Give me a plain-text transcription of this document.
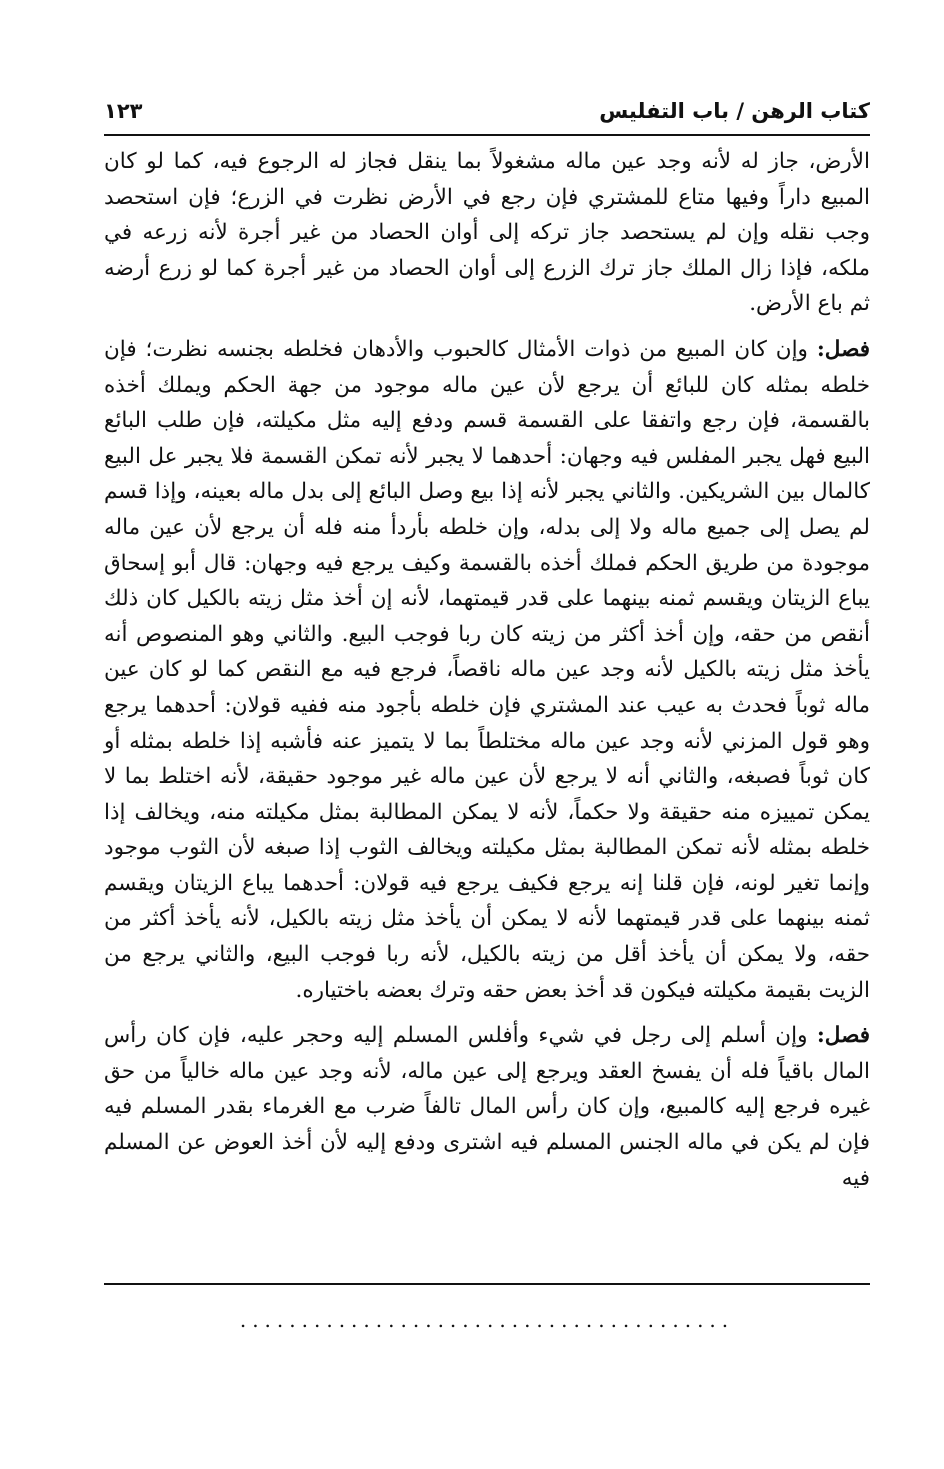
كتاب الرهن / باب التفليس
١٢٣

الأرض، جاز له لأنه وجد عين ماله مشغولاً بما ينقل فجاز له الرجوع فيه، كما لو كان المبيع داراً وفيها متاع للمشتري فإن رجع في الأرض نظرت في الزرع؛ فإن استحصد وجب نقله وإن لم يستحصد جاز تركه إلى أوان الحصاد من غير أجرة لأنه زرعه في ملكه، فإذا زال الملك جاز ترك الزرع إلى أوان الحصاد من غير أجرة كما لو زرع أرضه ثم باع الأرض.

فصل: وإن كان المبيع من ذوات الأمثال كالحبوب والأدهان فخلطه بجنسه نظرت؛ فإن خلطه بمثله كان للبائع أن يرجع لأن عين ماله موجود من جهة الحكم ويملك أخذه بالقسمة، فإن رجع واتفقا على القسمة قسم ودفع إليه مثل مكيلته، فإن طلب البائع البيع فهل يجبر المفلس فيه وجهان: أحدهما لا يجبر لأنه تمكن القسمة فلا يجبر عل البيع كالمال بين الشريكين. والثاني يجبر لأنه إذا بيع وصل البائع إلى بدل ماله بعينه، وإذا قسم لم يصل إلى جميع ماله ولا إلى بدله، وإن خلطه بأردأ منه فله أن يرجع لأن عين ماله موجودة من طريق الحكم فملك أخذه بالقسمة وكيف يرجع فيه وجهان: قال أبو إسحاق يباع الزيتان ويقسم ثمنه بينهما على قدر قيمتهما، لأنه إن أخذ مثل زيته بالكيل كان ذلك أنقص من حقه، وإن أخذ أكثر من زيته كان ربا فوجب البيع. والثاني وهو المنصوص أنه يأخذ مثل زيته بالكيل لأنه وجد عين ماله ناقصاً، فرجع فيه مع النقص كما لو كان عين ماله ثوباً فحدث به عيب عند المشتري فإن خلطه بأجود منه ففيه قولان: أحدهما يرجع وهو قول المزني لأنه وجد عين ماله مختلطاً بما لا يتميز عنه فأشبه إذا خلطه بمثله أو كان ثوباً فصبغه، والثاني أنه لا يرجع لأن عين ماله غير موجود حقيقة، لأنه اختلط بما لا يمكن تمييزه منه حقيقة ولا حكماً، لأنه لا يمكن المطالبة بمثل مكيلته منه، ويخالف إذا خلطه بمثله لأنه تمكن المطالبة بمثل مكيلته ويخالف الثوب إذا صبغه لأن الثوب موجود وإنما تغير لونه، فإن قلنا إنه يرجع فكيف يرجع فيه قولان: أحدهما يباع الزيتان ويقسم ثمنه بينهما على قدر قيمتهما لأنه لا يمكن أن يأخذ مثل زيته بالكيل، لأنه يأخذ أكثر من حقه، ولا يمكن أن يأخذ أقل من زيته بالكيل، لأنه ربا فوجب البيع، والثاني يرجع من الزيت بقيمة مكيلته فيكون قد أخذ بعض حقه وترك بعضه باختياره.

فصل: وإن أسلم إلى رجل في شيء وأفلس المسلم إليه وحجر عليه، فإن كان رأس المال باقياً فله أن يفسخ العقد ويرجع إلى عين ماله، لأنه وجد عين ماله خالياً من حق غيره فرجع إليه كالمبيع، وإن كان رأس المال تالفاً ضرب مع الغرماء بقدر المسلم فيه فإن لم يكن في ماله الجنس المسلم فيه اشترى ودفع إليه لأن أخذ العوض عن المسلم فيه

........................................
